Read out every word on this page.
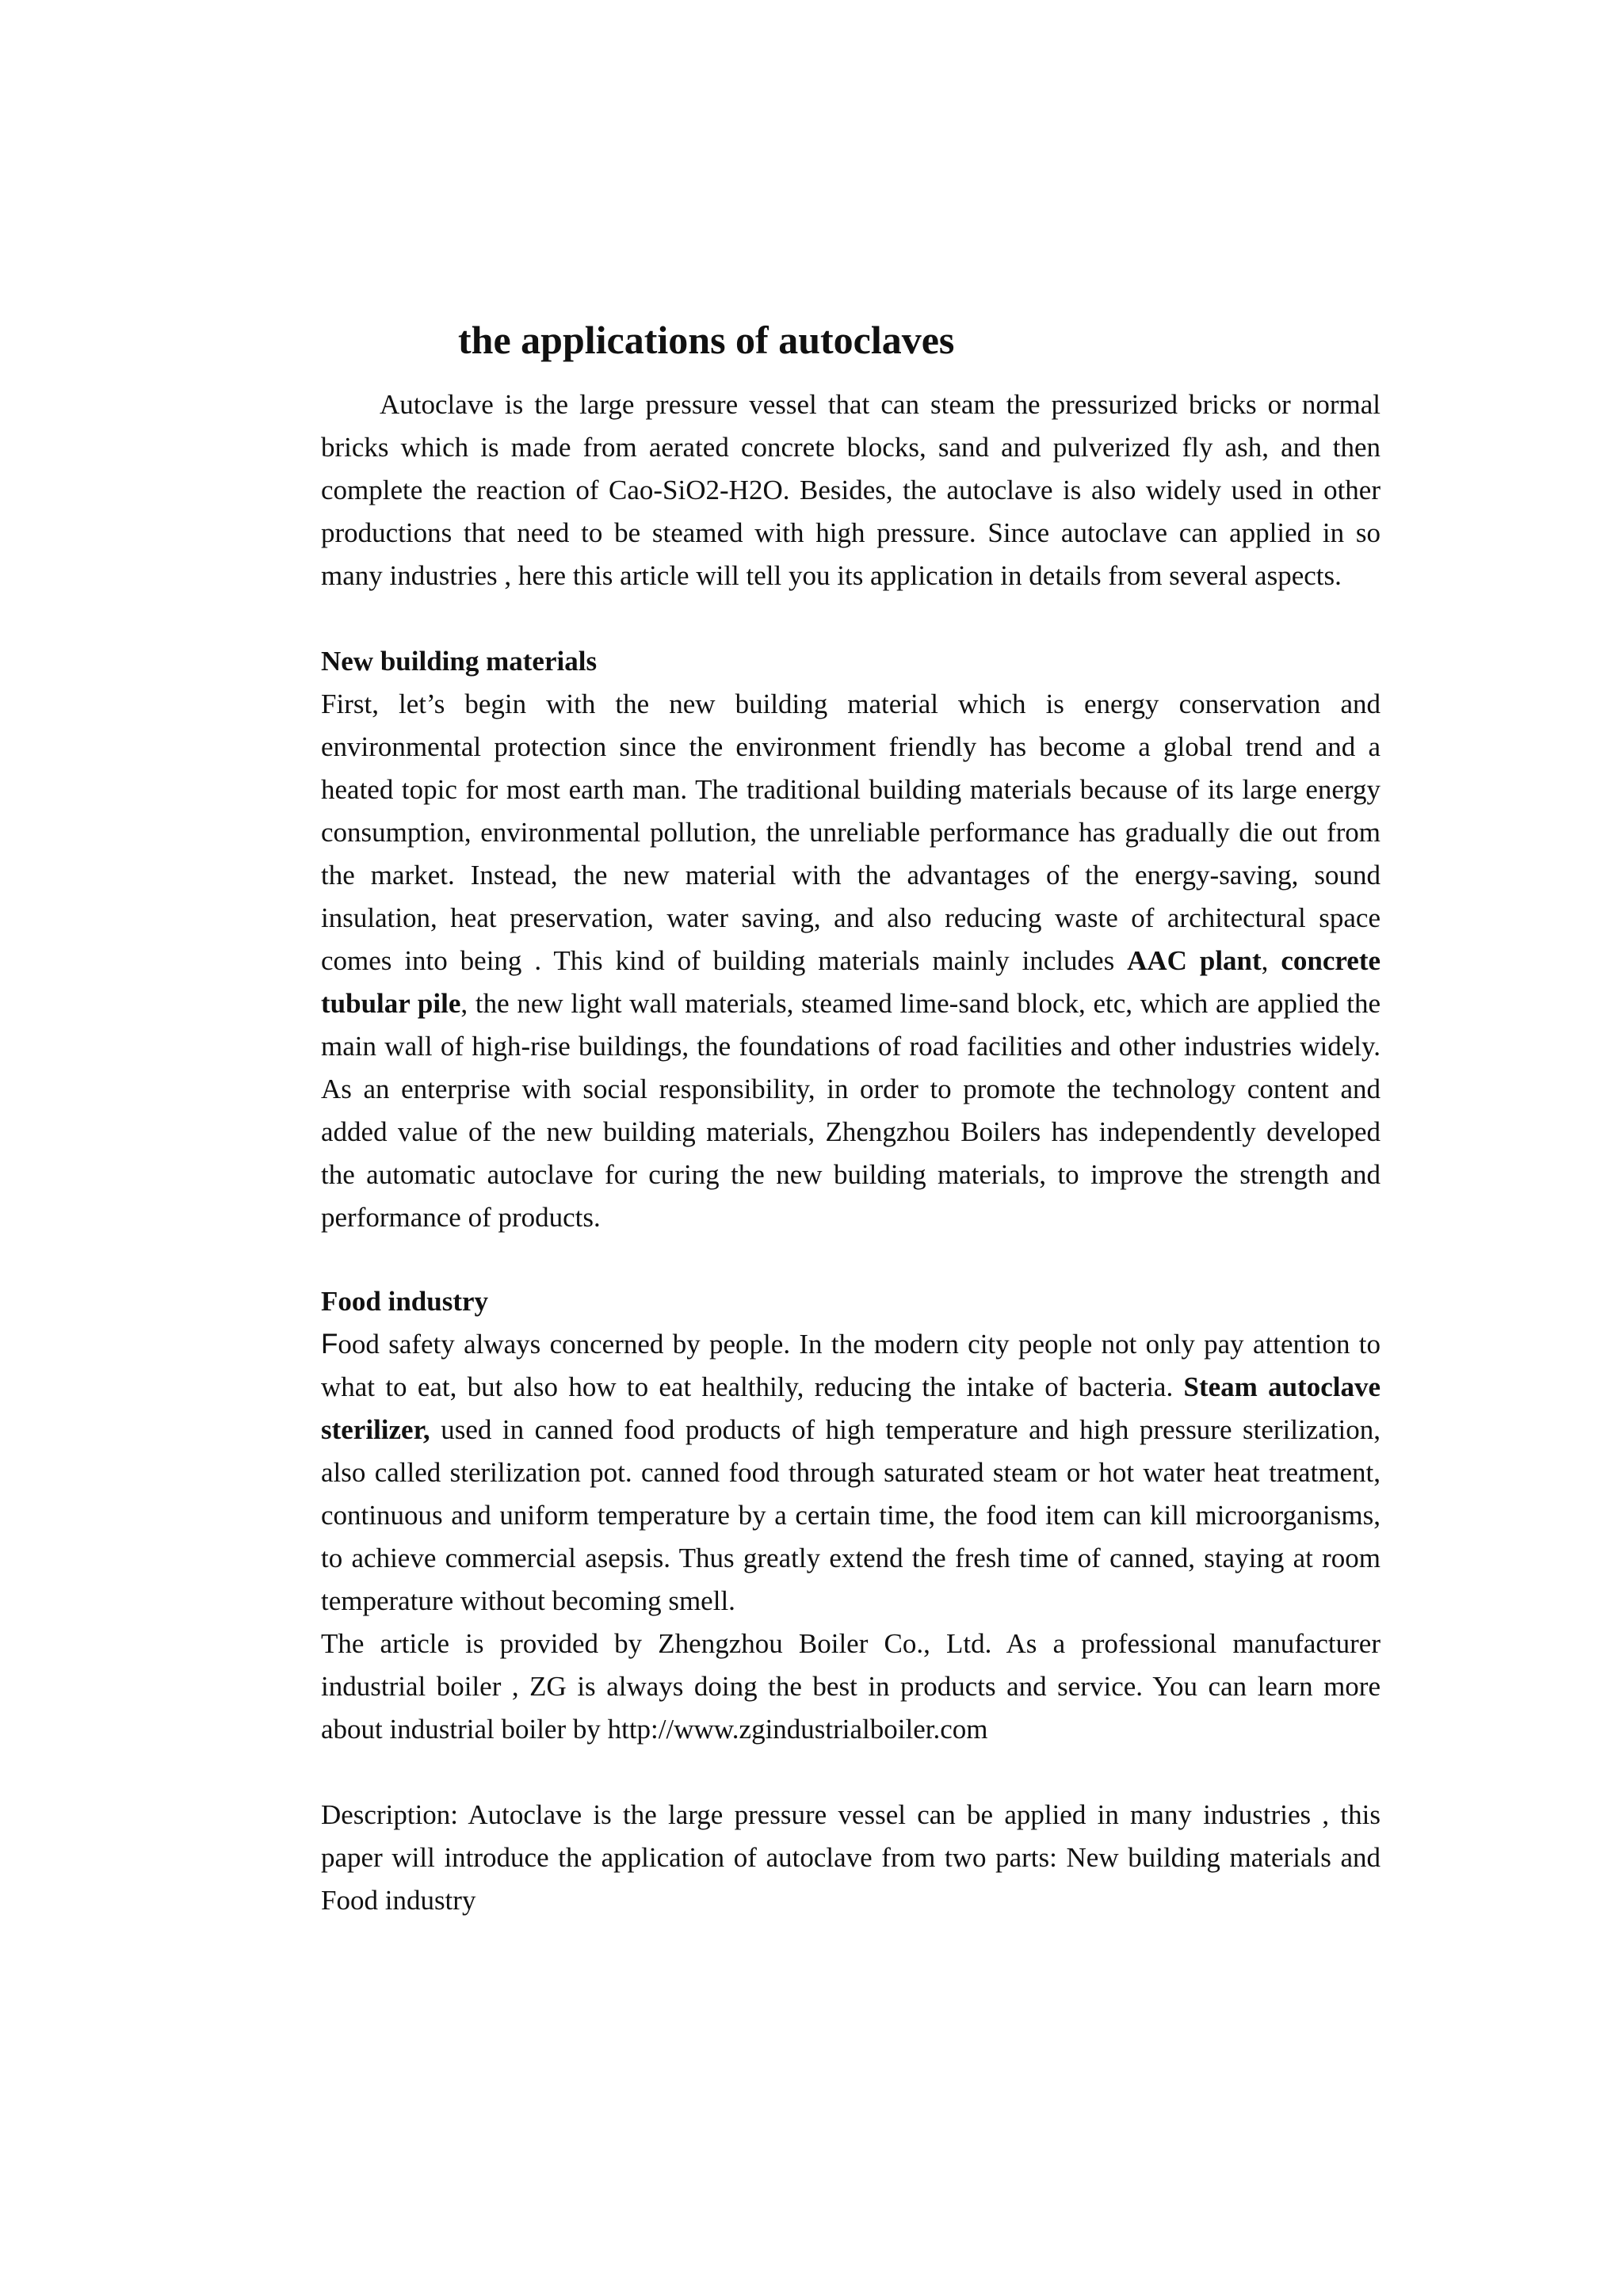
the applications of autoclaves

Autoclave is the large pressure vessel that can steam the pressurized bricks or normal bricks which is made from aerated concrete blocks, sand and pulverized fly ash, and then complete the reaction of Cao-SiO2-H2O. Besides, the autoclave is also widely used in other productions that need to be steamed with high pressure. Since autoclave can applied in so many industries , here this article will tell you its application in details from several aspects.

New building materials

First, let’s begin with the new building material which is energy conservation and environmental protection since the environment friendly has become a global trend and a heated topic for most earth man. The traditional building materials because of its large energy consumption, environmental pollution, the unreliable performance has gradually die out from the market. Instead, the new material with the advantages of the energy-saving, sound insulation, heat preservation, water saving, and also reducing waste of architectural space comes into being . This kind of building materials mainly includes AAC plant, concrete tubular pile, the new light wall materials, steamed lime-sand block, etc, which are applied the main wall of high-rise buildings, the foundations of road facilities and other industries widely. As an enterprise with social responsibility, in order to promote the technology content and added value of the new building materials, Zhengzhou Boilers has independently developed the automatic autoclave for curing the new building materials, to improve the strength and performance of products.

Food industry

Food safety always concerned by people. In the modern city people not only pay attention to what to eat, but also how to eat healthily, reducing the intake of bacteria. Steam autoclave sterilizer, used in canned food products of high temperature and high pressure sterilization, also called sterilization pot. canned food through saturated steam or hot water heat treatment, continuous and uniform temperature by a certain time, the food item can kill microorganisms, to achieve commercial asepsis. Thus greatly extend the fresh time of canned, staying at room temperature without becoming smell.

The article is provided by Zhengzhou Boiler Co., Ltd. As a professional manufacturer industrial boiler , ZG is always doing the best in products and service. You can learn more about industrial boiler by http://www.zgindustrialboiler.com

Description: Autoclave is the large pressure vessel can be applied in many industries , this paper will introduce the application of autoclave from two parts: New building materials and Food industry
